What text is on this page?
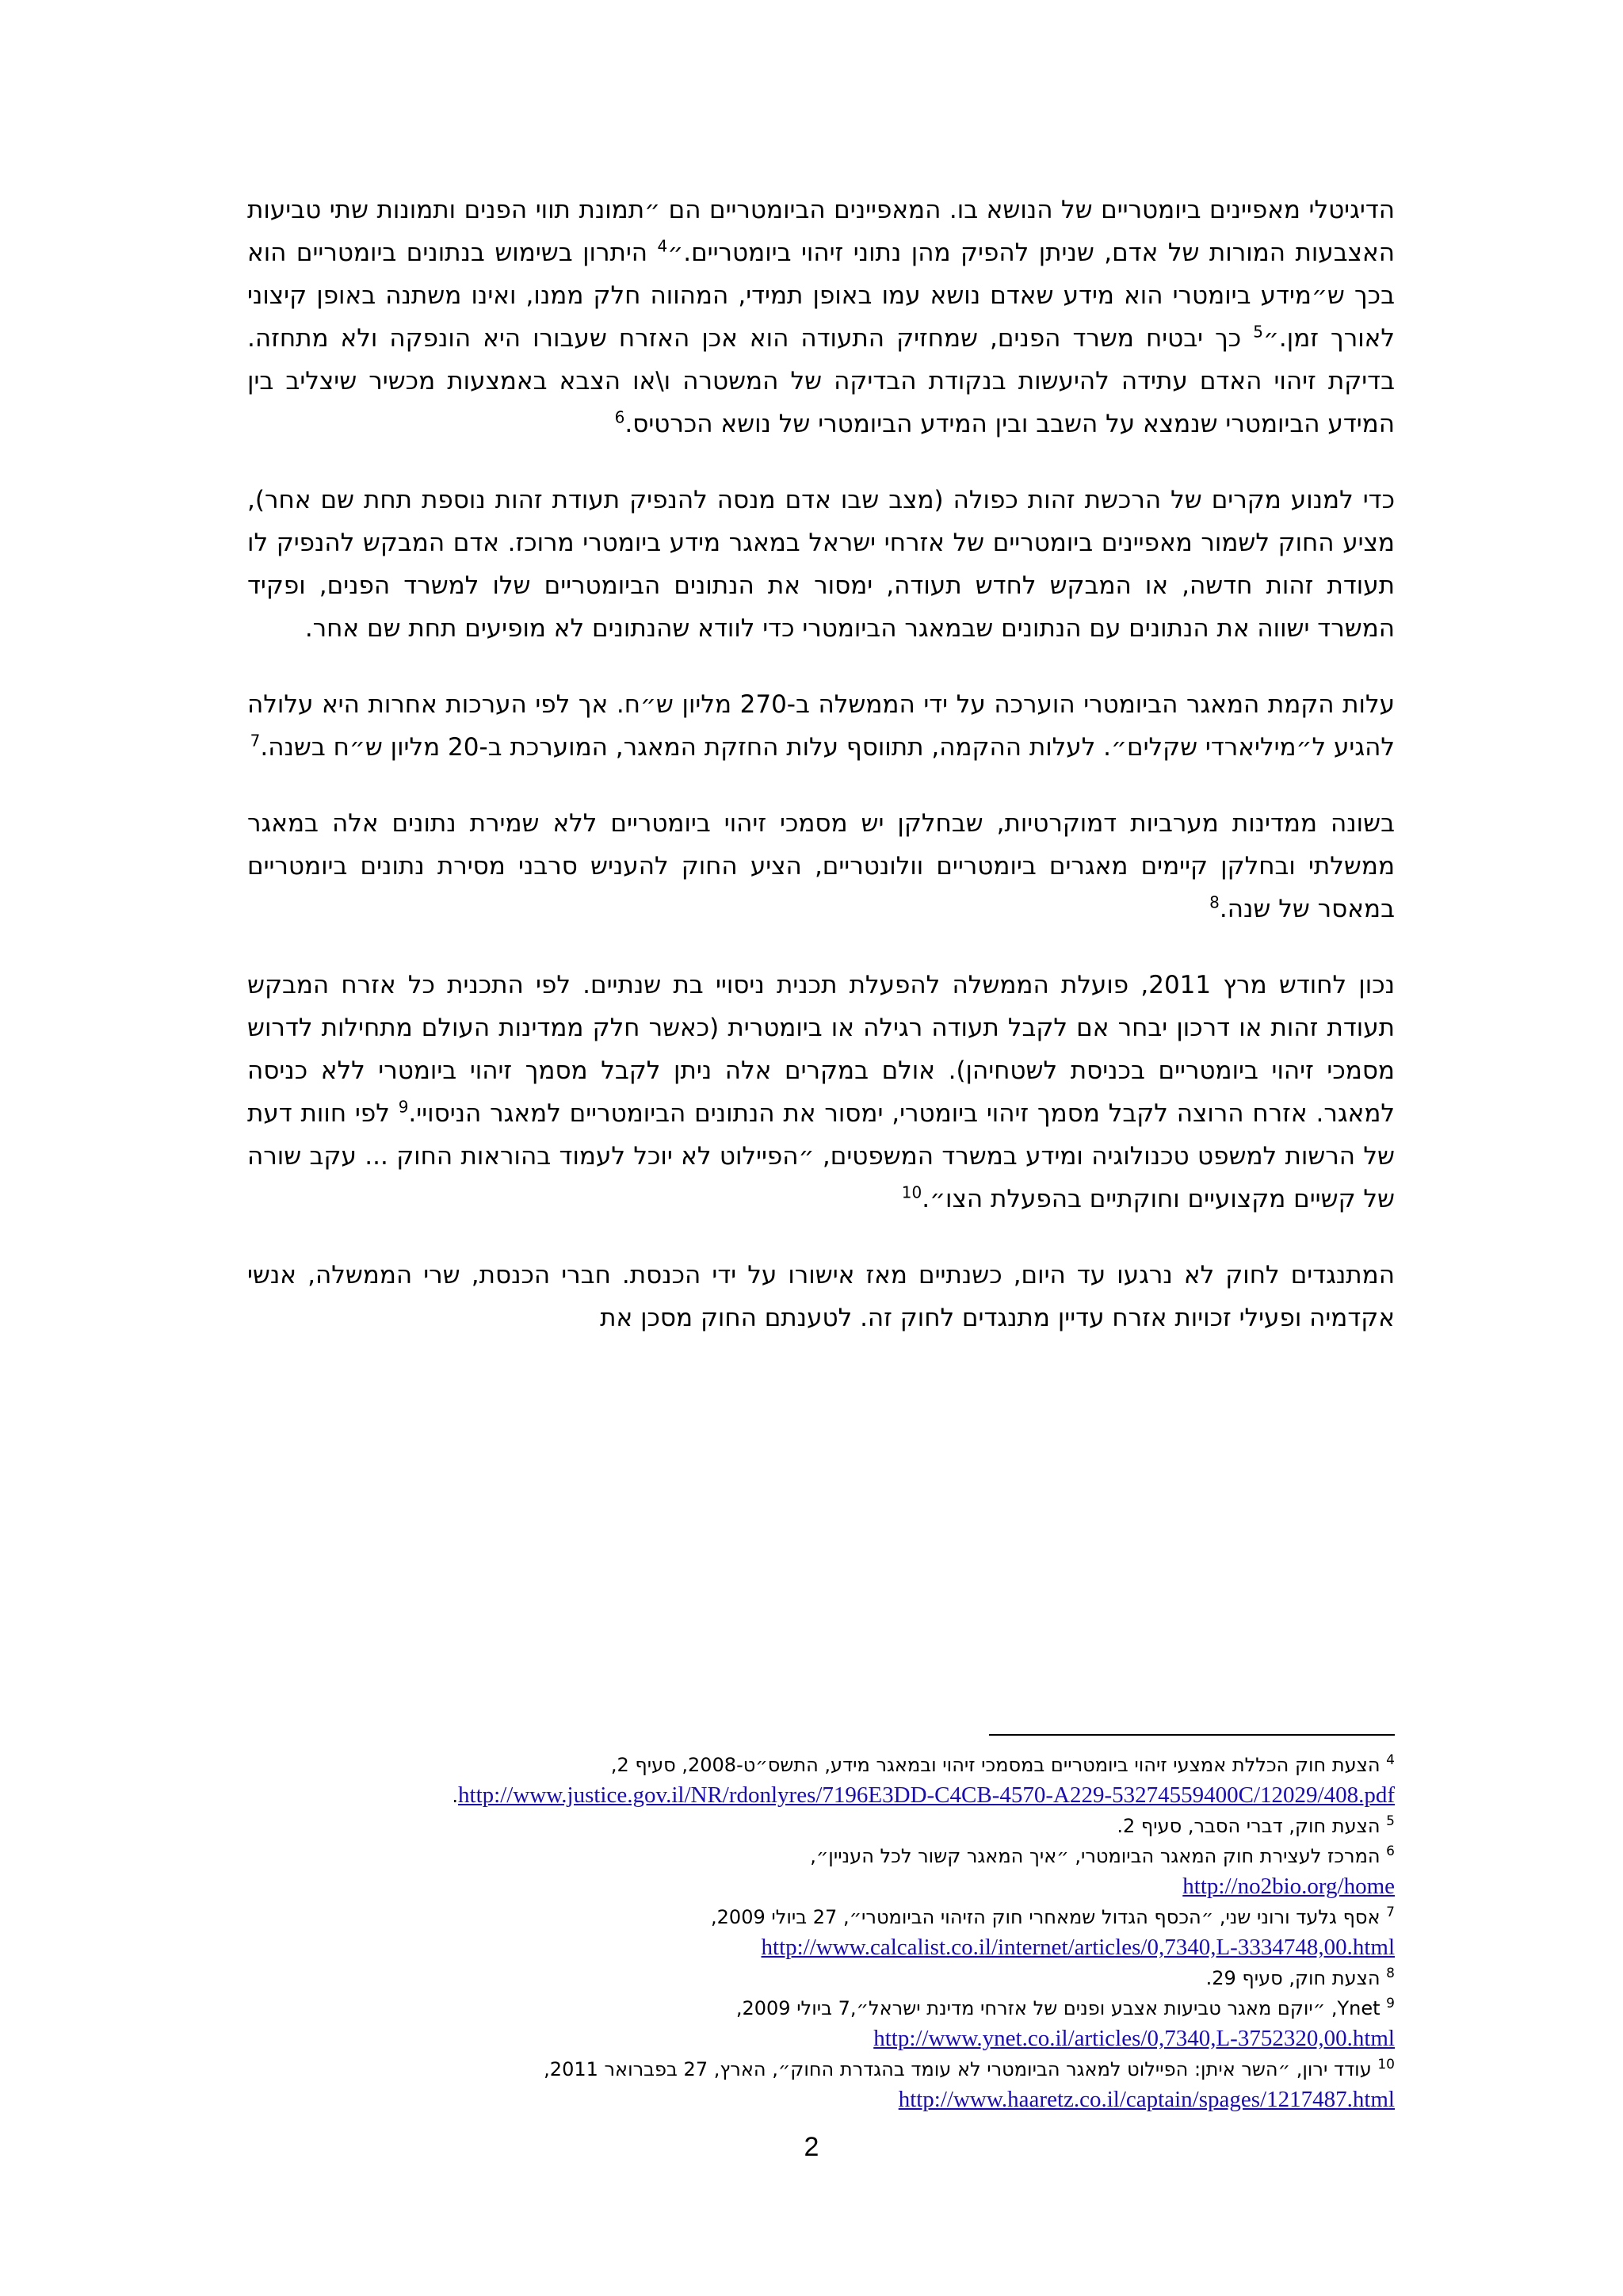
הדיגיטלי מאפיינים ביומטריים של הנושא בו. המאפיינים הביומטריים הם ״תמונת תווי הפנים ותמונות שתי טביעות האצבעות המורות של אדם, שניתן להפיק מהן נתוני זיהוי ביומטריים.״$^4$ היתרון בשימוש בנתונים ביומטריים הוא בכך ש״מידע ביומטרי הוא מידע שאדם נושא עמו באופן תמידי, המהווה חלק ממנו, ואינו משתנה באופן קיצוני לאורך זמן.״$^5$ כך יבטיח משרד הפנים, שמחזיק התעודה הוא אכן האזרח שעבורו היא הונפקה ולא מתחזה. בדיקת זיהוי האדם עתידה להיעשות בנקודת הבדיקה של המשטרה ו\או הצבא באמצעות מכשיר שיצליב בין המידע הביומטרי שנמצא על השבב ובין המידע הביומטרי של נושא הכרטיס.$^6$
כדי למנוע מקרים של הרכשת זהות כפולה (מצב שבו אדם מנסה להנפיק תעודת זהות נוספת תחת שם אחר), מציע החוק לשמור מאפיינים ביומטריים של אזרחי ישראל במאגר מידע ביומטרי מרוכז. אדם המבקש להנפיק לו תעודת זהות חדשה, או המבקש לחדש תעודה, ימסור את הנתונים הביומטריים שלו למשרד הפנים, ופקיד המשרד ישווה את הנתונים עם הנתונים שבמאגר הביומטרי כדי לוודא שהנתונים לא מופיעים תחת שם אחר.
עלות הקמת המאגר הביומטרי הוערכה על ידי הממשלה ב-270 מליון ש״ח. אך לפי הערכות אחרות היא עלולה להגיע ל״מיליארדי שקלים״. לעלות ההקמה, תתווסף עלות החזקת המאגר, המוערכת ב-20 מליון ש״ח בשנה.$^7$
בשונה ממדינות מערביות דמוקרטיות, שבחלקן יש מסמכי זיהוי ביומטריים ללא שמירת נתונים אלה במאגר ממשלתי ובחלקן קיימים מאגרים ביומטריים וולונטריים, הציע החוק להעניש סרבני מסירת נתונים ביומטריים במאסר של שנה.$^8$
נכון לחודש מרץ 2011, פועלת הממשלה להפעלת תכנית ניסויי בת שנתיים. לפי התכנית כל אזרח המבקש תעודת זהות או דרכון יבחר אם לקבל תעודה רגילה או ביומטרית (כאשר חלק ממדינות העולם מתחילות לדרוש מסמכי זיהוי ביומטריים בכניסת לשטחיהן). אולם במקרים אלה ניתן לקבל מסמך זיהוי ביומטרי ללא כניסה למאגר. אזרח הרוצה לקבל מסמך זיהוי ביומטרי, ימסור את הנתונים הביומטריים למאגר הניסויי.$^9$ לפי חוות דעת של הרשות למשפט טכנולוגיה ומידע במשרד המשפטים, ״הפיילוט לא יוכל לעמוד בהוראות החוק ... עקב שורה של קשיים מקצועיים וחוקתיים בהפעלת הצו״.$^{10}$
המתנגדים לחוק לא נרגעו עד היום, כשנתיים מאז אישורו על ידי הכנסת. חברי הכנסת, שרי הממשלה, אנשי אקדמיה ופעילי זכויות אזרח עדיין מתנגדים לחוק זה. לטענתם החוק מסכן את
$^4$ הצעת חוק הכללת אמצעי זיהוי ביומטריים במסמכי זיהוי ובמאגר מידע, התשס״ט-2008, סעיף 2,
http://www.justice.gov.il/NR/rdonlyres/7196E3DD-C4CB-4570-A229-53274559400C/12029/408.pdf.
$^5$ הצעת חוק, דברי הסבר, סעיף 2.
$^6$ המרכז לעצירת חוק המאגר הביומטרי, ״איך המאגר קשור לכל העניין״,
http://no2bio.org/home
$^7$ אסף גלעד ורוני שני, ״הכסף הגדול שמאחרי חוק הזיהוי הביומטרי״, 27 ביולי 2009,
http://www.calcalist.co.il/internet/articles/0,7340,L-3334748,00.html
$^8$ הצעת חוק, סעיף 29.
$^9$ Ynet, ״יוקם מאגר טביעות אצבע ופנים של אזרחי מדינת ישראל״,7 ביולי 2009,
http://www.ynet.co.il/articles/0,7340,L-3752320,00.html
$^{10}$ עודד ירון, ״השר איתן: הפיילוט למאגר הביומטרי לא עומד בהגדרת החוק״, הארץ, 27 בפברואר 2011,
http://www.haaretz.co.il/captain/spages/1217487.html
2
